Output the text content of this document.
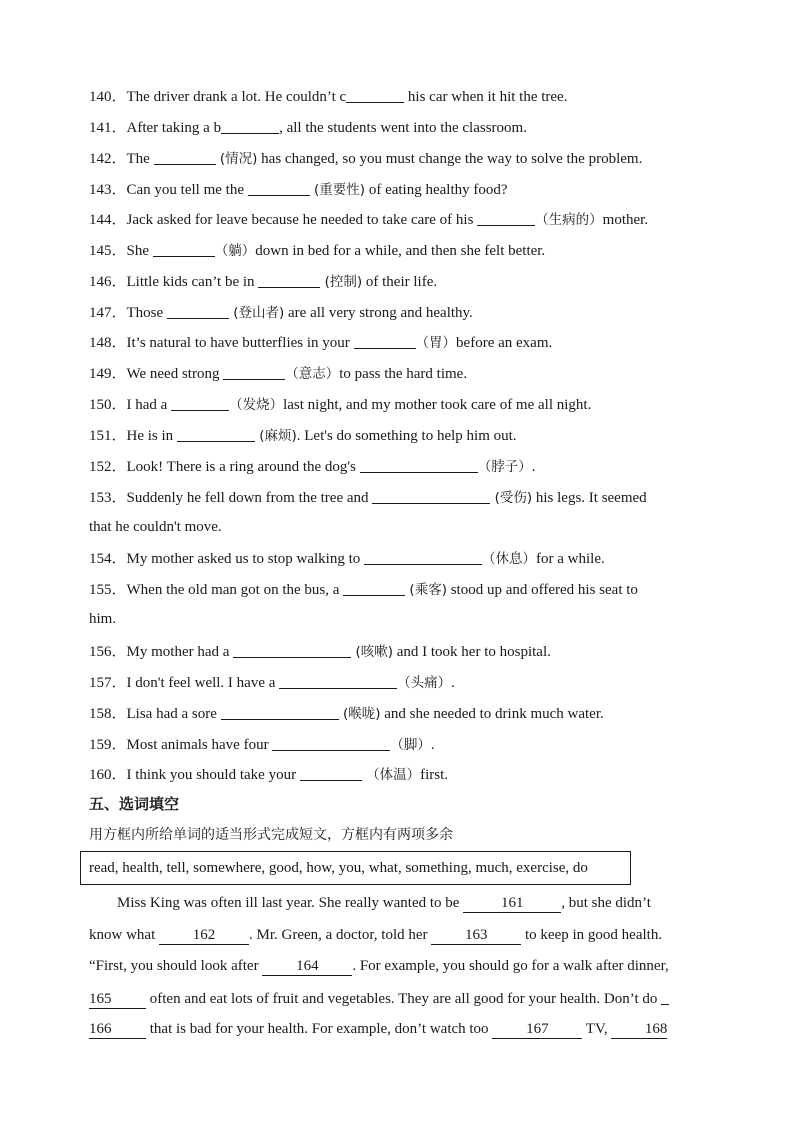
140．The driver drank a lot. He couldn’t c	his car when it hit the tree.
141．After taking a b	, all the students went into the classroom.
142．The	(情况) has changed, so you must change the way to solve the problem.
143．Can you tell me the	(重要性) of eating healthy food?
144．Jack asked for leave because he needed to take care of his	（生病的）mother.
145．She	（躺）down in bed for a while, and then she felt better.
146．Little kids can’t be in	(控制) of their life.
147．Those	(登山者) are all very strong and healthy.
148．It’s natural to have butterflies in your	（胃）before an exam.
149．We need strong	（意志）to pass the hard time.
150．I had a	（发烧）last night, and my mother took care of me all night.
151．He is in	(麻烦). Let's do something to help him out.
152．Look! There is a ring around the dog's	（脖子）.
153．Suddenly he fell down from the tree and	(受伤) his legs. It seemed
that he couldn't move.
154．My mother asked us to stop walking to	（休息）for a while.
155．When the old man got on the bus, a	(乘客) stood up and offered his seat to
him.
156．My mother had a	(咳嗽) and I took her to hospital.
157．I don't feel well. I have a	（头痛）.
158．Lisa had a sore	(喉咙) and she needed to drink much water.
159．Most animals have four	（脚）.
160．I think you should take your	（体温）first.
五、选词填空
用方框内所给单词的适当形式完成短文，方框内有两项多余
read, health, tell, somewhere, good, how, you, what, something, much, exercise, do
Miss King was often ill last year. She really wanted to be	161	, but she didn’t
know what 162 . Mr. Green, a doctor, told her 163 to keep in good health.
“First, you should look after 164 . For example, you should go for a walk after dinner,
165 often and eat lots of fruit and vegetables. They are all good for your health. Don’t do
166 that is bad for your health. For example, don’t watch too 167 TV, 168
